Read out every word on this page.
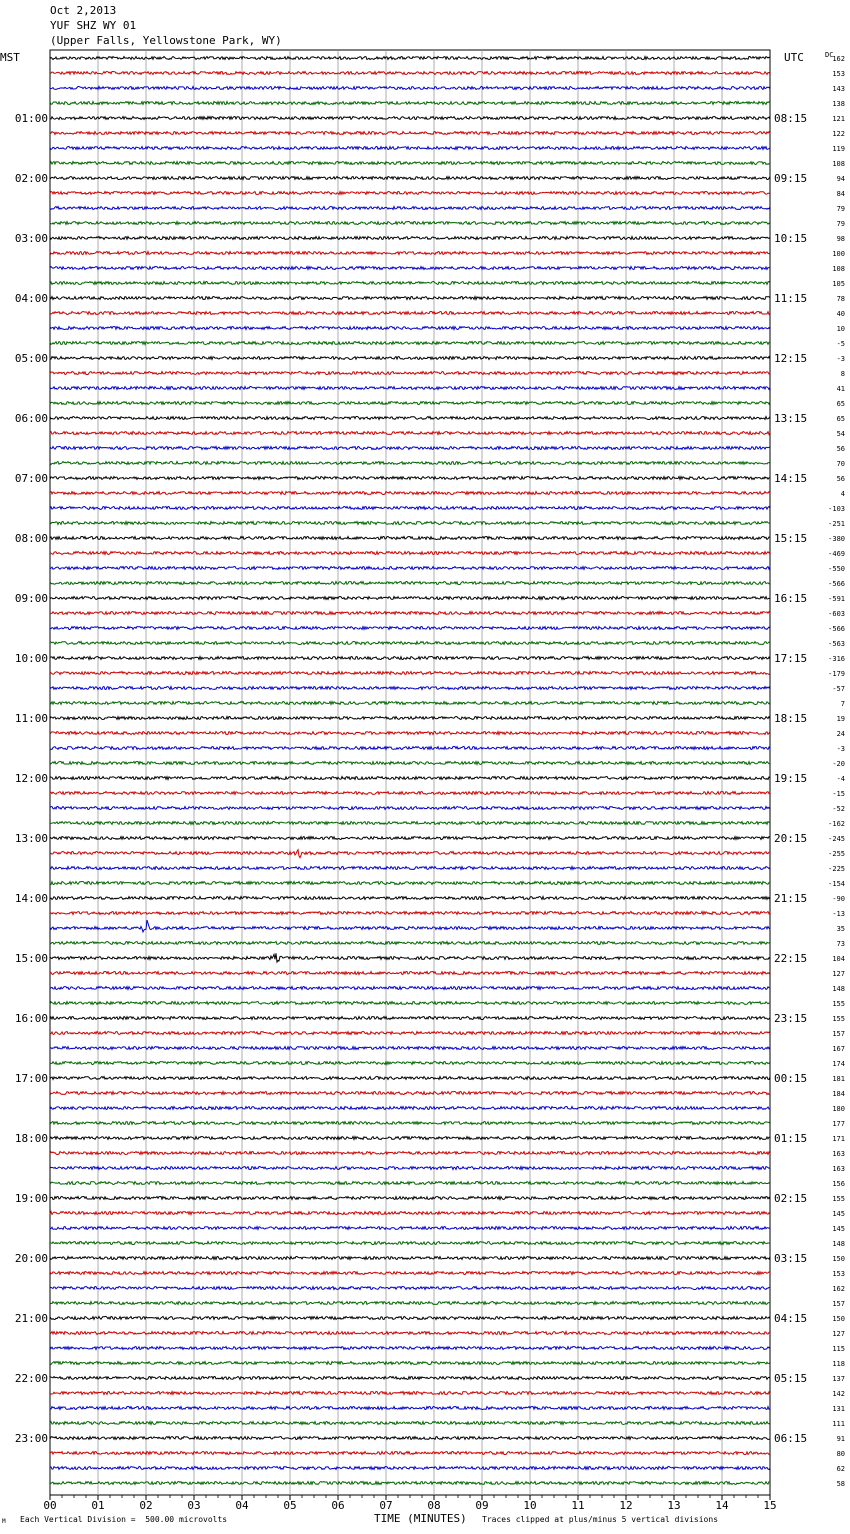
Oct 2,2013
YUF SHZ WY 01
(Upper Falls, Yellowstone Park, WY)
00	01	02	03	04	05	06	07	08	09	10	11	12	13	14	15
01:00
02:00
03:00
04:00
05:00
06:00
07:00
08:00
09:00
10:00
11:00
12:00
13:00
14:00
15:00
16:00
17:00
18:00
19:00
20:00
21:00
22:00
23:00
08:15
09:15
10:15
11:15
12:15
13:15
14:15
15:15
16:15
17:15
18:15
19:15
20:15
21:15
22:15
23:15
00:15
01:15
02:15
03:15
04:15
05:15
06:15
162
153
143
138
121
122
119
108
94
84
79
79
98
100
108
105
78
40
10
-5
-3
8
41
65
65
54
56
70
56
4
-103
-251
-380
-469
-550
-566
-591
-603
-566
-563
-316
-179
-57
7
19
24
-3
-20
-4
-15
-52
-162
-245
-255
-225
-154
-90
-13
35
73
104
127
148
155
155
157
167
174
181
184
180
177
171
163
163
156
155
145
145
148
150
153
162
157
150
127
115
118
137
142
131
111
91
80
62
58
MST	UTC	DC
M Each Vertical Division =  500.00 microvolts	TIME (MINUTES) Traces clipped at plus/minus 5 vertical divisions
